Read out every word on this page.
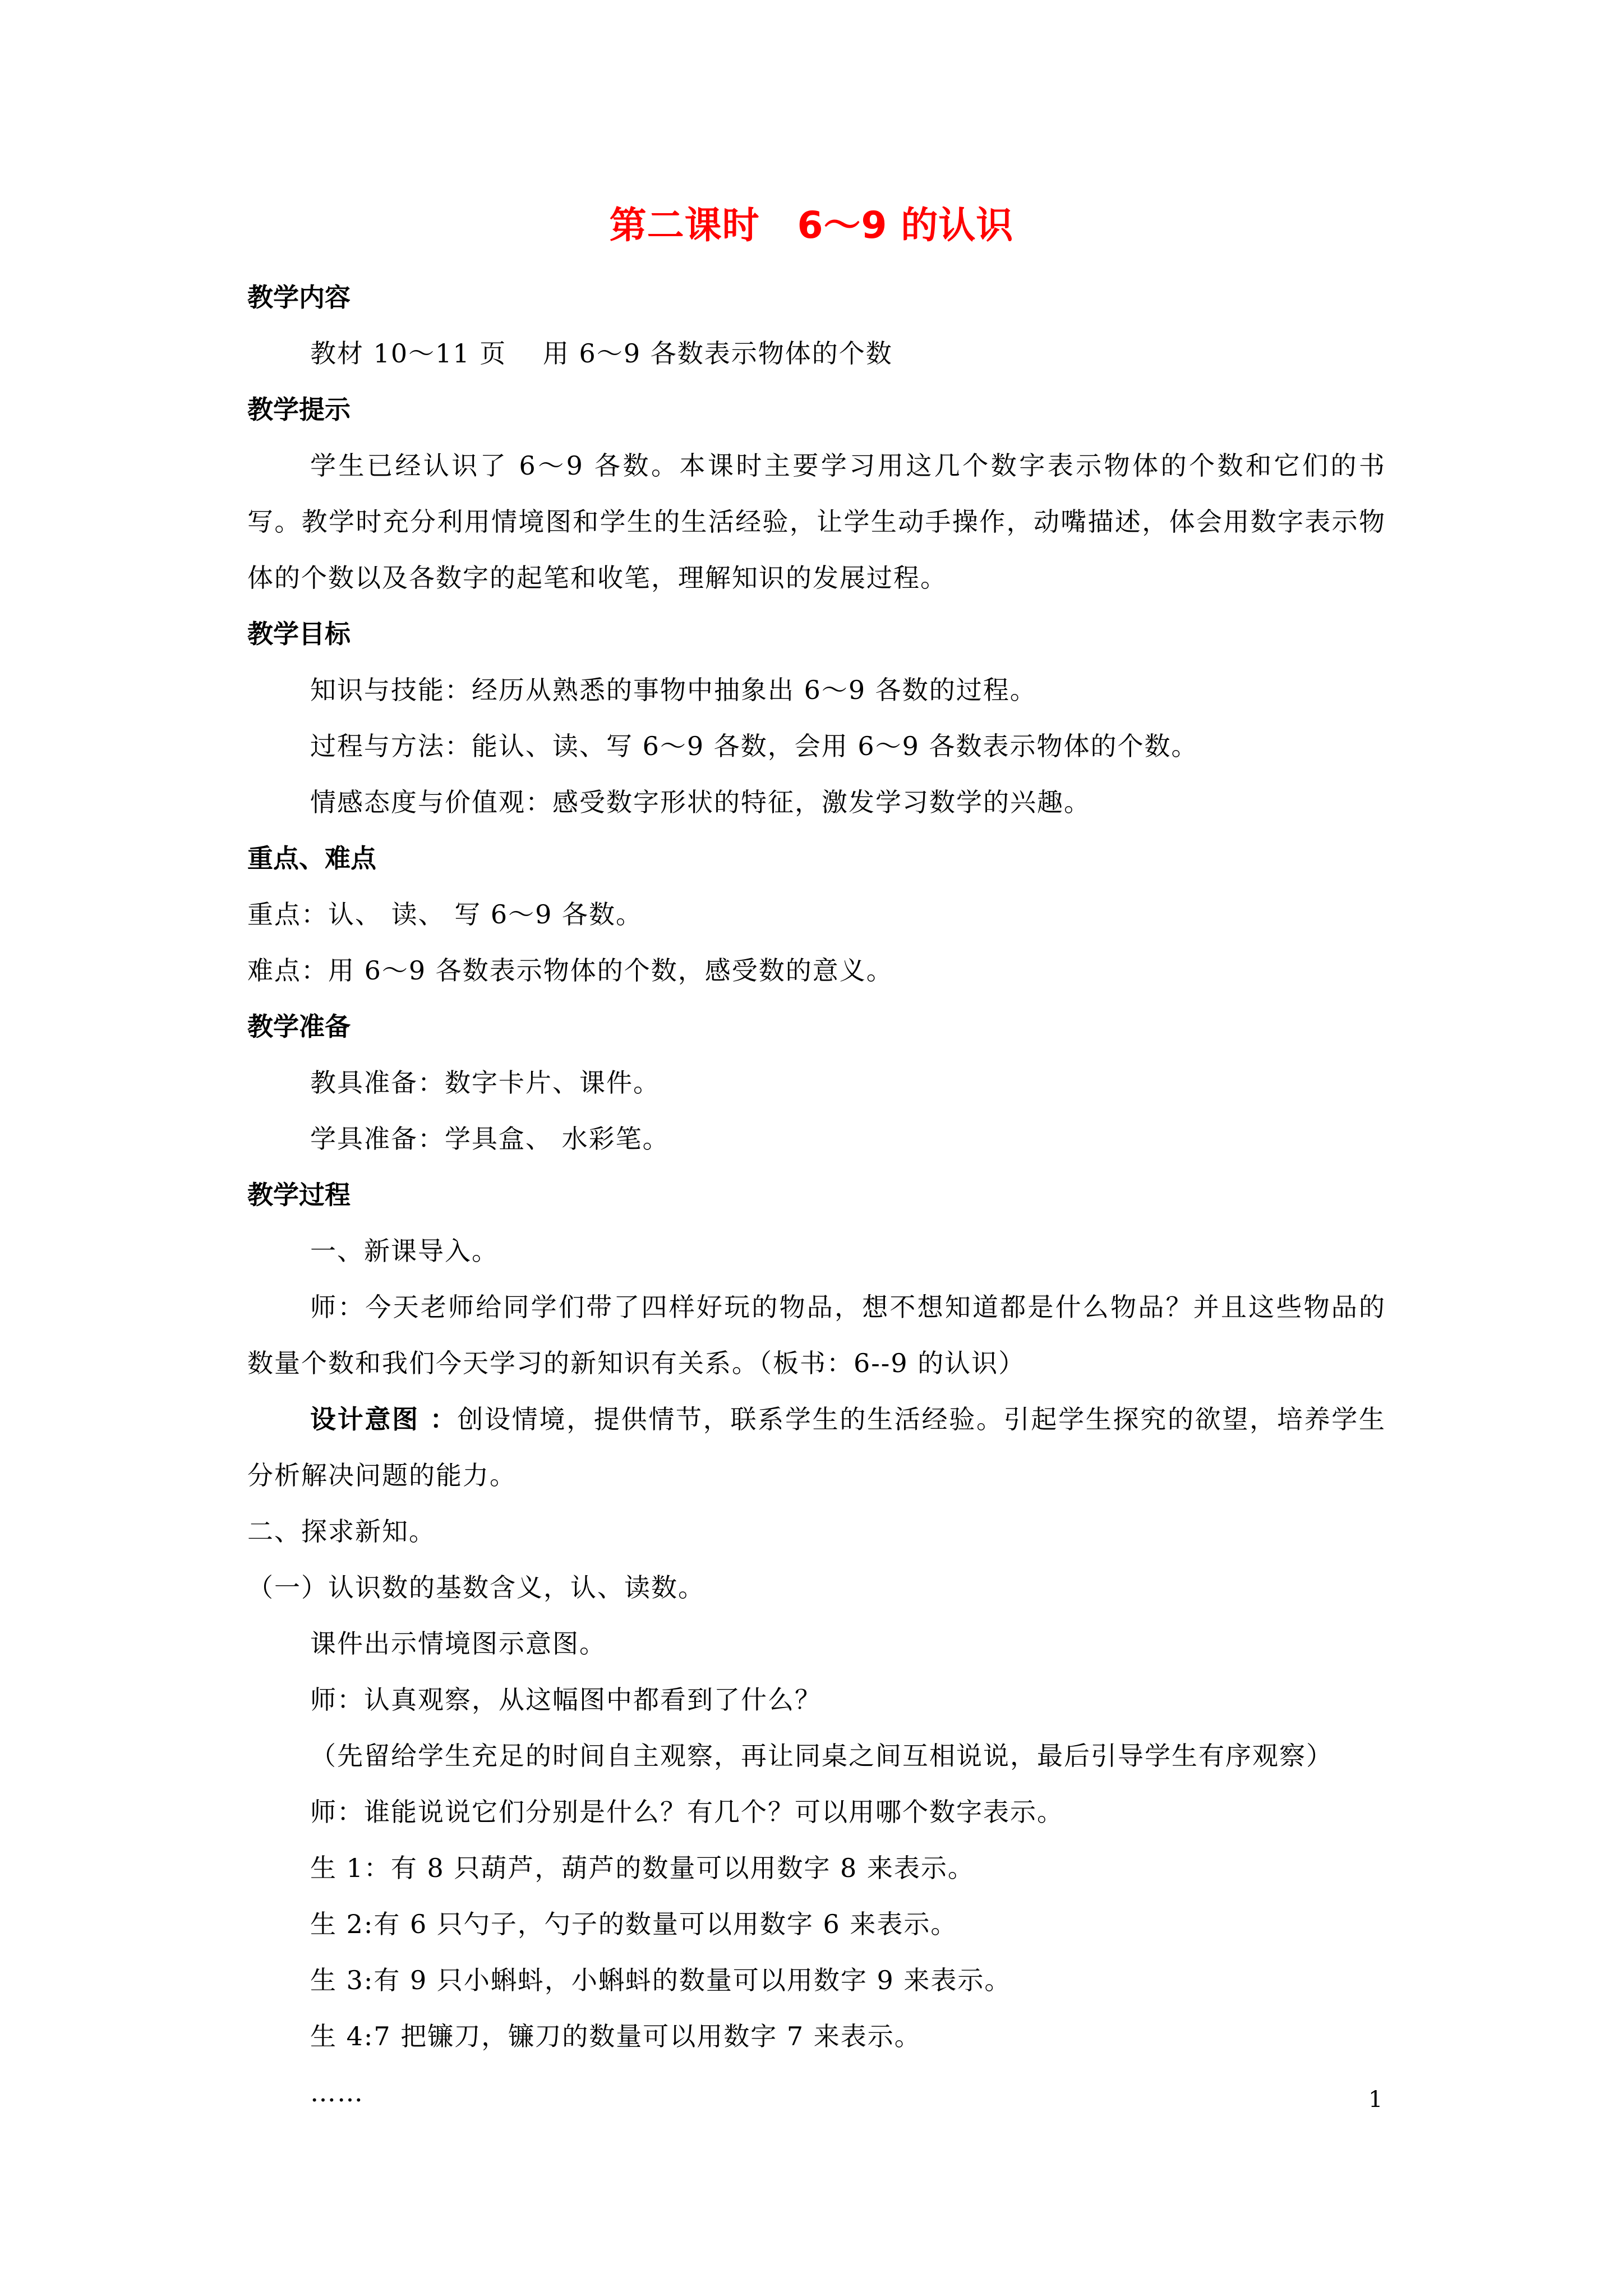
第二课时　6～9 的认识

教学内容

教材 10～11 页　 用 6～9 各数表示物体的个数

教学提示

学生已经认识了 6～9 各数。本课时主要学习用这几个数字表示物体的个数和它们的书写。教学时充分利用情境图和学生的生活经验，让学生动手操作，动嘴描述，体会用数字表示物体的个数以及各数字的起笔和收笔，理解知识的发展过程。

教学目标

知识与技能：经历从熟悉的事物中抽象出 6～9 各数的过程。

过程与方法：能认、读、写 6～9 各数，会用 6～9 各数表示物体的个数。

情感态度与价值观：感受数字形状的特征，激发学习数学的兴趣。

重点、难点

重点：认、 读、 写 6～9 各数。

难点：用 6～9 各数表示物体的个数，感受数的意义。

教学准备

教具准备：数字卡片、课件。

学具准备：学具盒、 水彩笔。

教学过程

一、新课导入。

师：今天老师给同学们带了四样好玩的物品，想不想知道都是什么物品？并且这些物品的数量个数和我们今天学习的新知识有关系。（板书：6--9 的认识）

设计意图 ：创设情境，提供情节，联系学生的生活经验。引起学生探究的欲望，培养学生分析解决问题的能力。

二、探求新知。

（一）认识数的基数含义，认、读数。

课件出示情境图示意图。

师：认真观察，从这幅图中都看到了什么？

（先留给学生充足的时间自主观察，再让同桌之间互相说说，最后引导学生有序观察）

师：谁能说说它们分别是什么？有几个？可以用哪个数字表示。

生 1：有 8 只葫芦，葫芦的数量可以用数字 8 来表示。

生 2:有 6 只勺子，勺子的数量可以用数字 6 来表示。

生 3:有 9 只小蝌蚪，小蝌蚪的数量可以用数字 9 来表示。

生 4:7 把镰刀，镰刀的数量可以用数字 7 来表示。

……	1
